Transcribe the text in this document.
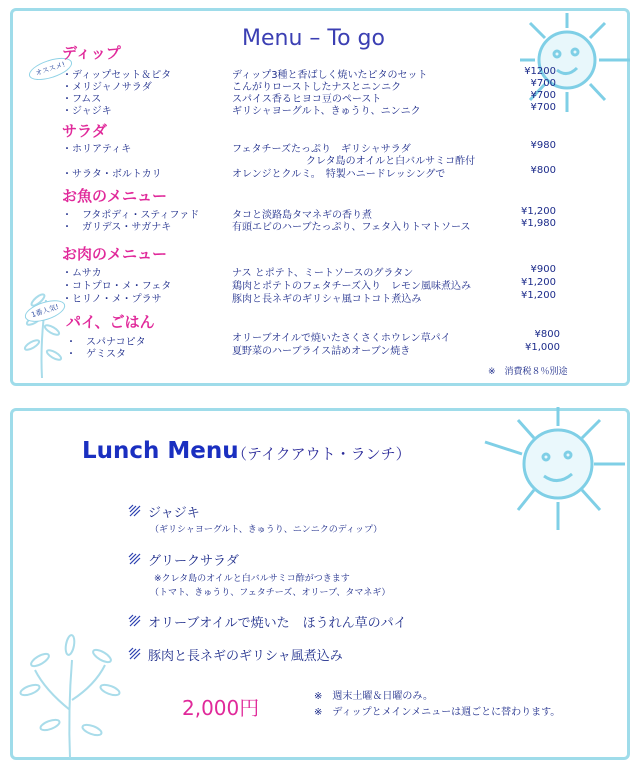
Menu – To go
オススメ!
1番人気!
ディップ
・ディップセット＆ピタ	ディップ3種と香ばしく焼いたピタのセット	¥1200
・メリジャノサラダ	こんがりローストしたナスとニンニク	¥700
・フムス	スパイス香るヒヨコ豆のペースト	¥700
・ジャジキ	ギリシャヨーグルト、きゅうり、ニンニク	¥700
サラダ
・ホリアティキ	フェタチーズたっぷり　ギリシャサラダ	¥980
クレタ島のオイルと白バルサミコ酢付
・サラタ・ボルトカリ	オレンジとクルミ。　特製ハニードレッシングで	¥800
お魚のメニュー
・　フタポディ・スティファド	タコと淡路島タマネギの香り煮	¥1,200
・　ガリデス・サガナキ	有頭エビのハーブたっぷり、フェタ入りトマトソース	¥1,980
お肉のメニュー
・ムサカ	ナス とポテト、ミートソースのグラタン	¥900
・コトプロ・メ・フェタ	鶏肉とポテトのフェタチーズ入り　レモン風味煮込み	¥1,200
・ヒリノ・メ・プラサ	豚肉と長ネギのギリシャ風コトコト煮込み	¥1,200
パイ、ごはん
・　スパナコピタ	オリーブオイルで焼いたさくさくホウレン草パイ	¥800
・　ゲミスタ	夏野菜のハーブライス詰めオーブン焼き	¥1,000
※　消費税８％別途
Lunch Menu
（テイクアウト・ランチ）
ジャジキ
（ギリシャヨーグルト、きゅうり、ニンニクのディップ）
グリークサラダ
※クレタ島のオイルと白バルサミコ酢がつきます
（トマト、きゅうり、フェタチーズ、オリーブ、タマネギ）
オリーブオイルで焼いた　ほうれん草のパイ
豚肉と長ネギのギリシャ風煮込み
2,000円	※　週末土曜＆日曜のみ。
※　ディップとメインメニューは週ごとに替わります。
